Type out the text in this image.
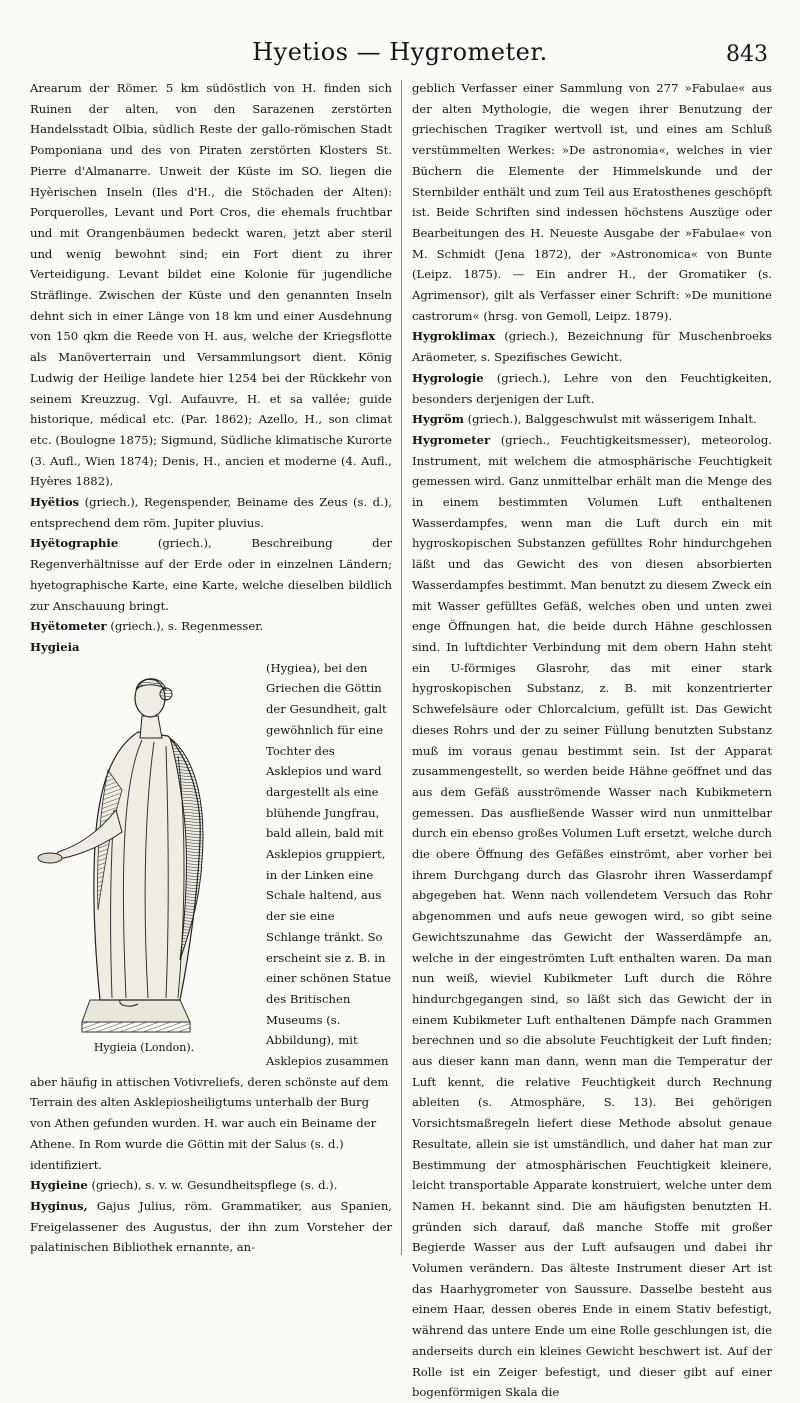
Hyetios — Hygrometer.	843

Arearum der Römer. 5 km südöstlich von H. finden sich Ruinen der alten, von den Sarazenen zerstörten Handelsstadt Olbia, südlich Reste der gallo-römischen Stadt Pomponiana und des von Piraten zerstörten Klosters St. Pierre d'Almanarre. Unweit der Küste im SO. liegen die Hyèrischen Inseln (Iles d'H., die Stöchaden der Alten): Porquerolles, Levant und Port Cros, die ehemals fruchtbar und mit Orangenbäumen bedeckt waren, jetzt aber steril und wenig bewohnt sind; ein Fort dient zu ihrer Verteidigung. Levant bildet eine Kolonie für jugendliche Sträflinge. Zwischen der Küste und den genannten Inseln dehnt sich in einer Länge von 18 km und einer Ausdehnung von 150 qkm die Reede von H. aus, welche der Kriegsflotte als Manöverterrain und Versammlungsort dient. König Ludwig der Heilige landete hier 1254 bei der Rückkehr von seinem Kreuzzug. Vgl. Aufauvre, H. et sa vallée; guide historique, médical etc. (Par. 1862); Azello, H., son climat etc. (Boulogne 1875); Sigmund, Südliche klimatische Kurorte (3. Aufl., Wien 1874); Denis, H., ancien et moderne (4. Aufl., Hyères 1882).

Hyëtios (griech.), Regenspender, Beiname des Zeus (s. d.), entsprechend dem röm. Jupiter pluvius.

Hyëtographie (griech.), Beschreibung der Regenverhältnisse auf der Erde oder in einzelnen Ländern; hyetographische Karte, eine Karte, welche dieselben bildlich zur Anschauung bringt.

Hyëtometer (griech.), s. Regenmesser.

Hygieia

Hygieia (London).

(Hygiea), bei den Griechen die Göttin der Gesundheit, galt gewöhnlich für eine Tochter des Asklepios und ward dargestellt als eine blühende Jungfrau, bald allein, bald mit Asklepios gruppiert, in der Linken eine Schale haltend, aus der sie eine Schlange tränkt. So erscheint sie z. B. in einer schönen Statue des Britischen Museums (s. Abbildung), mit Asklepios zusammen aber häufig in attischen Votivreliefs, deren schönste auf dem Terrain des alten Asklepiosheiligtums unterhalb der Burg von Athen gefunden wurden. H. war auch ein Beiname der Athene. In Rom wurde die Göttin mit der Salus (s. d.) identifiziert.

Hygieine (griech), s. v. w. Gesundheitspflege (s. d.).

Hyginus, Gajus Julius, röm. Grammatiker, aus Spanien, Freigelassener des Augustus, der ihn zum Vorsteher der palatinischen Bibliothek ernannte, an-

geblich Verfasser einer Sammlung von 277 »Fabulae« aus der alten Mythologie, die wegen ihrer Benutzung der griechischen Tragiker wertvoll ist, und eines am Schluß verstümmelten Werkes: »De astronomia«, welches in vier Büchern die Elemente der Himmelskunde und der Sternbilder enthält und zum Teil aus Eratosthenes geschöpft ist. Beide Schriften sind indessen höchstens Auszüge oder Bearbeitungen des H. Neueste Ausgabe der »Fabulae« von M. Schmidt (Jena 1872), der »Astronomica« von Bunte (Leipz. 1875). — Ein andrer H., der Gromatiker (s. Agrimensor), gilt als Verfasser einer Schrift: »De munitione castrorum« (hrsg. von Gemoll, Leipz. 1879).

Hygroklimax (griech.), Bezeichnung für Muschenbroeks Aräometer, s. Spezifisches Gewicht.

Hygrologie (griech.), Lehre von den Feuchtigkeiten, besonders derjenigen der Luft.

Hygröm (griech.), Balggeschwulst mit wässerigem Inhalt.

Hygrometer (griech., Feuchtigkeitsmesser), meteorolog. Instrument, mit welchem die atmosphärische Feuchtigkeit gemessen wird. Ganz unmittelbar erhält man die Menge des in einem bestimmten Volumen Luft enthaltenen Wasserdampfes, wenn man die Luft durch ein mit hygroskopischen Substanzen gefülltes Rohr hindurchgehen läßt und das Gewicht des von diesen absorbierten Wasserdampfes bestimmt. Man benutzt zu diesem Zweck ein mit Wasser gefülltes Gefäß, welches oben und unten zwei enge Öffnungen hat, die beide durch Hähne geschlossen sind. In luftdichter Verbindung mit dem obern Hahn steht ein U-förmiges Glasrohr, das mit einer stark hygroskopischen Substanz, z. B. mit konzentrierter Schwefelsäure oder Chlorcalcium, gefüllt ist. Das Gewicht dieses Rohrs und der zu seiner Füllung benutzten Substanz muß im voraus genau bestimmt sein. Ist der Apparat zusammengestellt, so werden beide Hähne geöffnet und das aus dem Gefäß ausströmende Wasser nach Kubikmetern gemessen. Das ausfließende Wasser wird nun unmittelbar durch ein ebenso großes Volumen Luft ersetzt, welche durch die obere Öffnung des Gefäßes einströmt, aber vorher bei ihrem Durchgang durch das Glasrohr ihren Wasserdampf abgegeben hat. Wenn nach vollendetem Versuch das Rohr abgenommen und aufs neue gewogen wird, so gibt seine Gewichtszunahme das Gewicht der Wasserdämpfe an, welche in der eingeströmten Luft enthalten waren. Da man nun weiß, wieviel Kubikmeter Luft durch die Röhre hindurchgegangen sind, so läßt sich das Gewicht der in einem Kubikmeter Luft enthaltenen Dämpfe nach Grammen berechnen und so die absolute Feuchtigkeit der Luft finden; aus dieser kann man dann, wenn man die Temperatur der Luft kennt, die relative Feuchtigkeit durch Rechnung ableiten (s. Atmosphäre, S. 13). Bei gehörigen Vorsichtsmaßregeln liefert diese Methode absolut genaue Resultate, allein sie ist umständlich, und daher hat man zur Bestimmung der atmosphärischen Feuchtigkeit kleinere, leicht transportable Apparate konstruiert, welche unter dem Namen H. bekannt sind. Die am häufigsten benutzten H. gründen sich darauf, daß manche Stoffe mit großer Begierde Wasser aus der Luft aufsaugen und dabei ihr Volumen verändern. Das älteste Instrument dieser Art ist das Haarhygrometer von Saussure. Dasselbe besteht aus einem Haar, dessen oberes Ende in einem Stativ befestigt, während das untere Ende um eine Rolle geschlungen ist, die anderseits durch ein kleines Gewicht beschwert ist. Auf der Rolle ist ein Zeiger befestigt, und dieser gibt auf einer bogenförmigen Skala die
